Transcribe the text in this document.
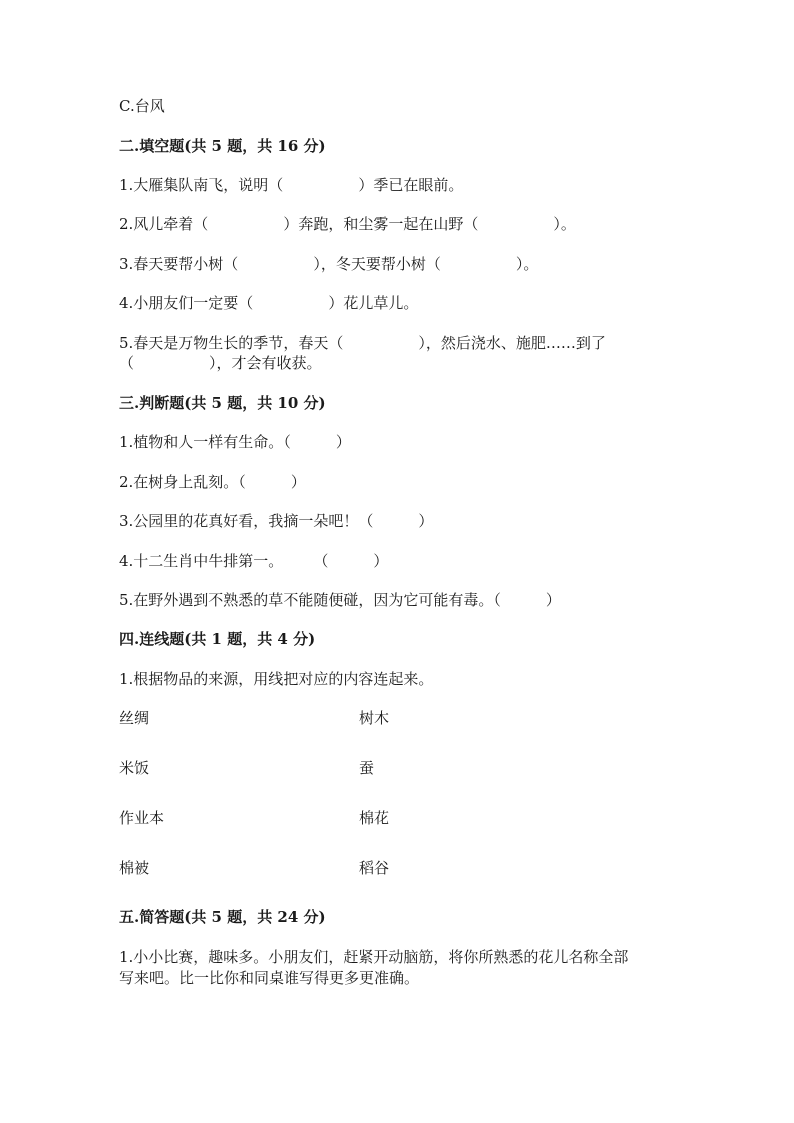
C.台风
二.填空题(共 5 题，共 16 分)
1.大雁集队南飞，说明（　　　　　）季已在眼前。
2.风儿牵着（　　　　　）奔跑，和尘雾一起在山野（　　　　　）。
3.春天要帮小树（　　　　　），冬天要帮小树（　　　　　）。
4.小朋友们一定要（　　　　　）花儿草儿。
5.春天是万物生长的季节，春天（　　　　　），然后浇水、施肥……到了
（　　　　　），才会有收获。
三.判断题(共 5 题，共 10 分)
1.植物和人一样有生命。（　　　）
2.在树身上乱刻。（　　　）
3.公园里的花真好看，我摘一朵吧！（　　　）
4.十二生肖中牛排第一。　　　（　　　）
5.在野外遇到不熟悉的草不能随便碰，因为它可能有毒。（　　　）
四.连线题(共 1 题，共 4 分)
1.根据物品的来源，用线把对应的内容连起来。
丝绸	树木
米饭	蚕
作业本	棉花
棉被	稻谷
五.简答题(共 5 题，共 24 分)
1.小小比赛，趣味多。小朋友们，赶紧开动脑筋，将你所熟悉的花儿名称全部
写来吧。比一比你和同桌谁写得更多更准确。
